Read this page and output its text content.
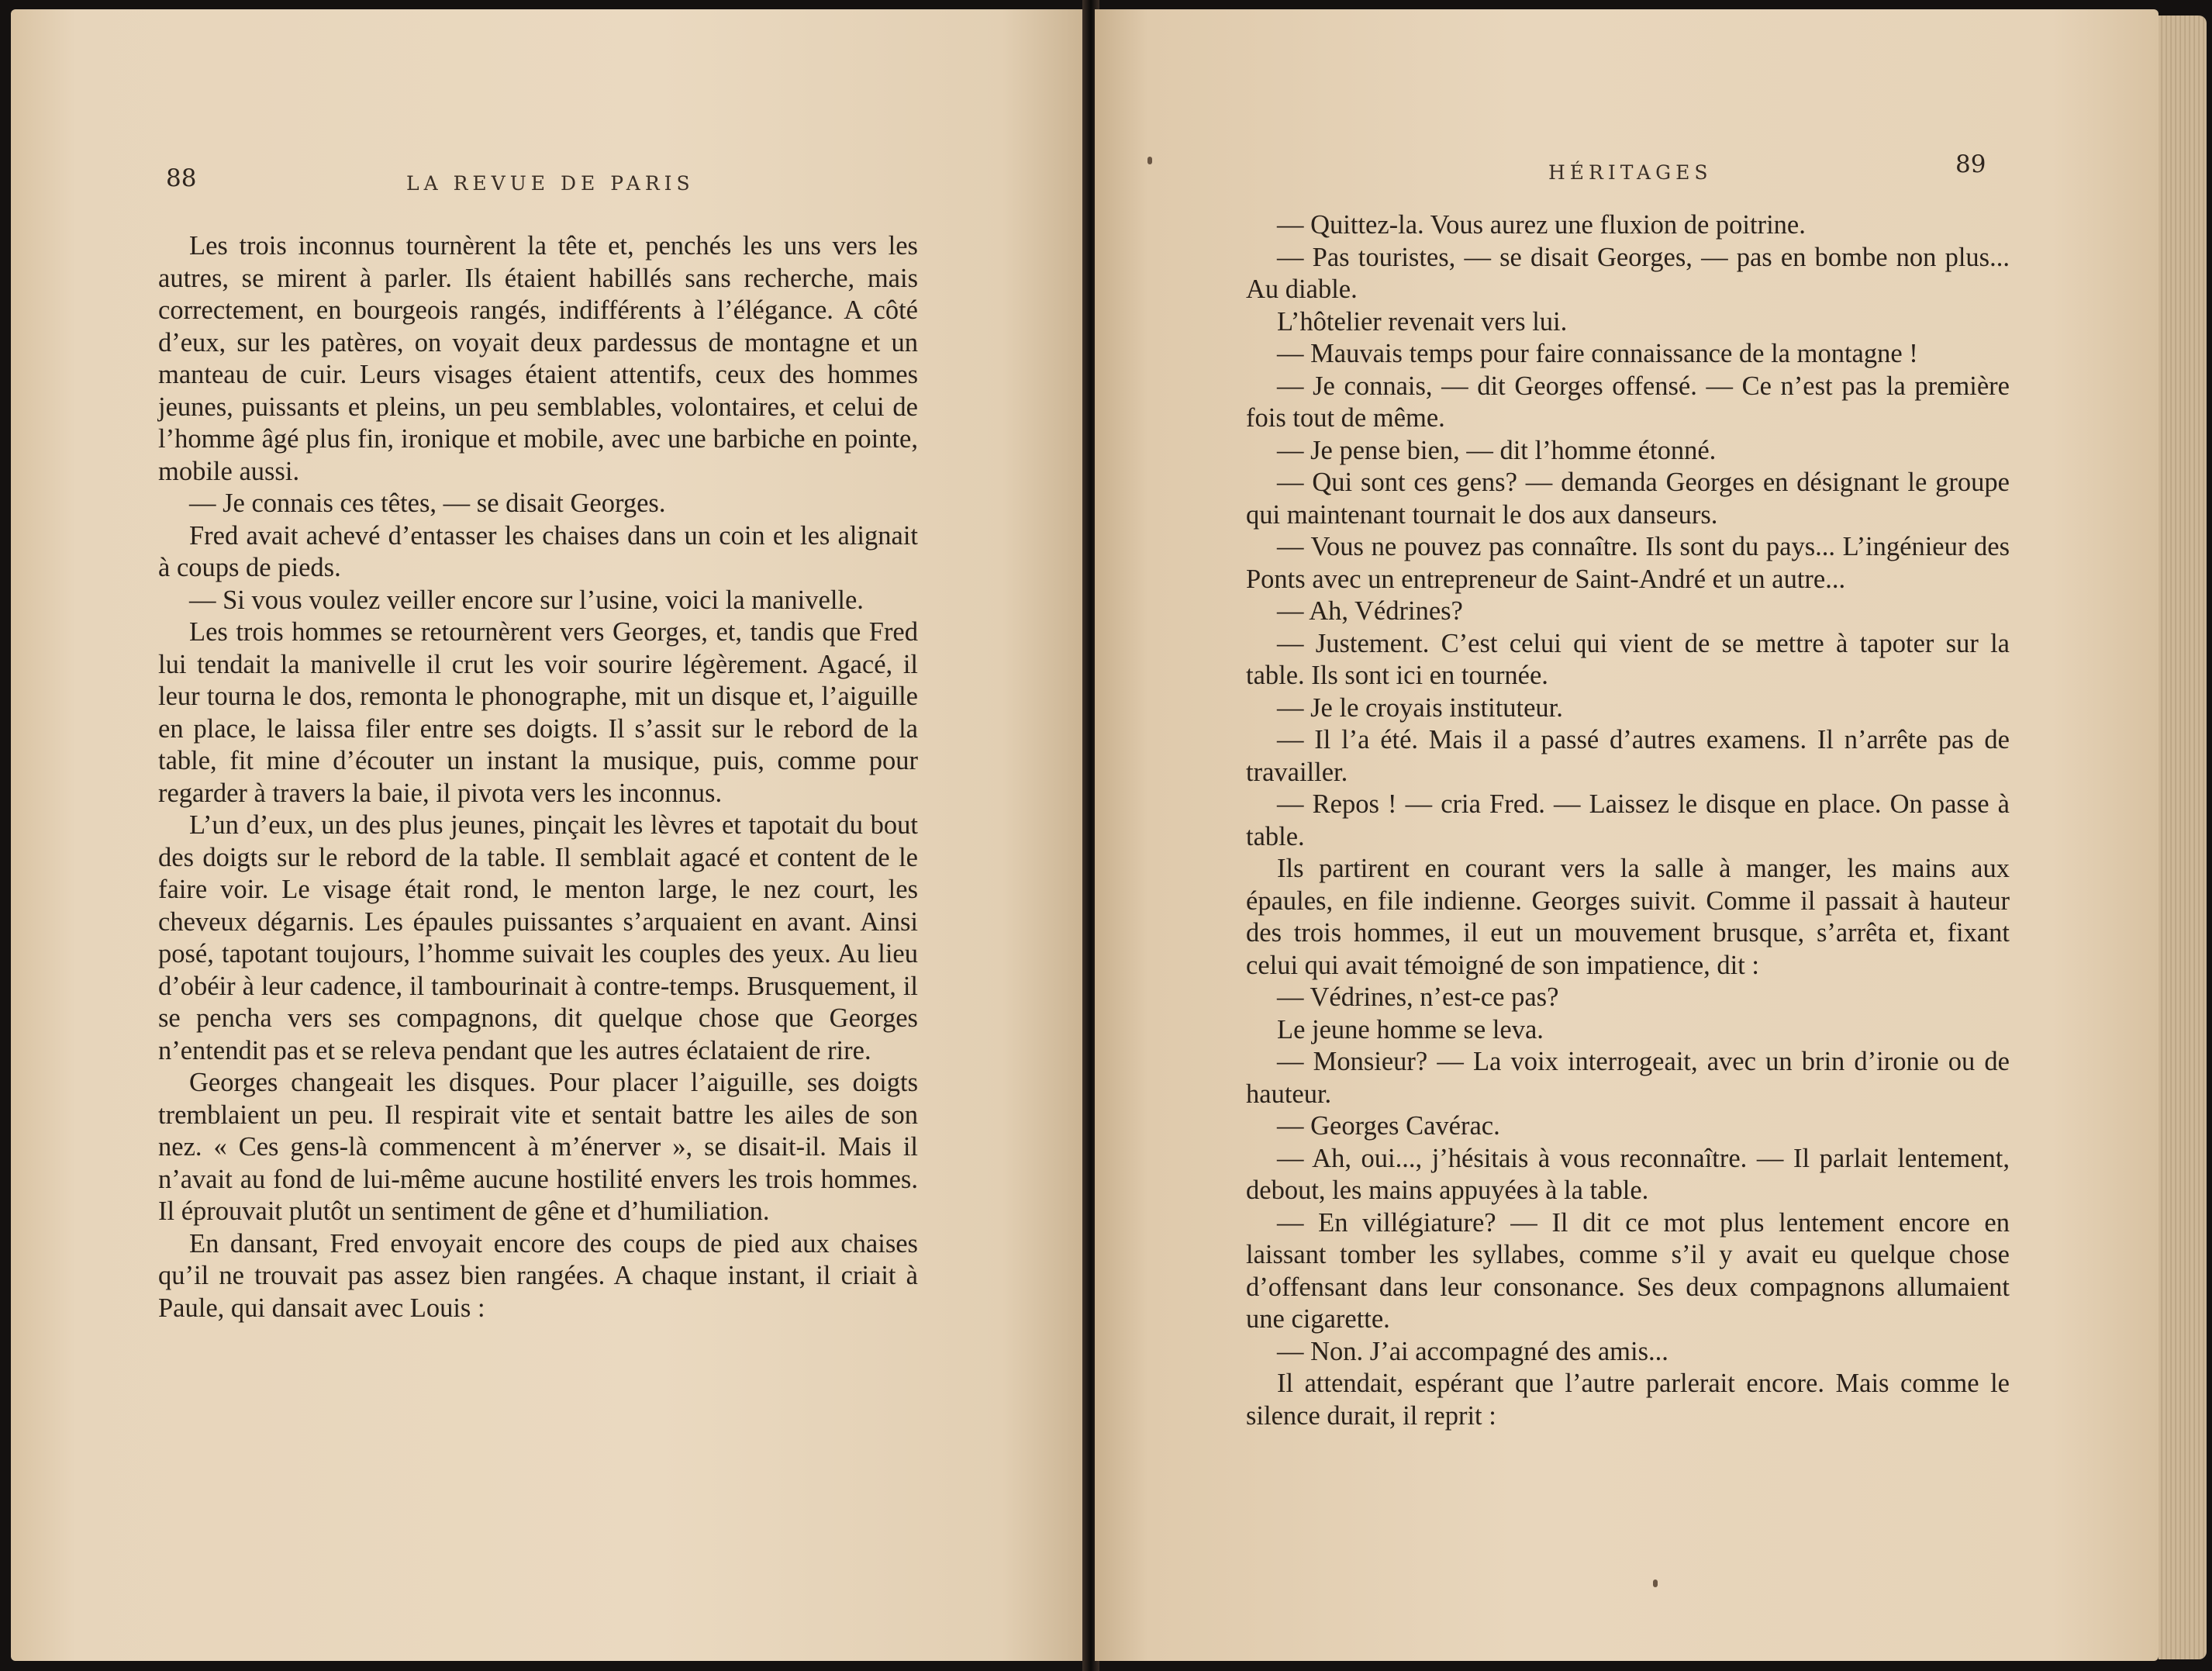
88	LA REVUE DE PARIS

Les trois inconnus tournèrent la tête et, penchés les uns vers les autres, se mirent à parler. Ils étaient habillés sans recherche, mais correctement, en bourgeois rangés, indifférents à l’élégance. A côté d’eux, sur les patères, on voyait deux pardessus de montagne et un manteau de cuir. Leurs visages étaient attentifs, ceux des hommes jeunes, puissants et pleins, un peu semblables, volontaires, et celui de l’homme âgé plus fin, ironique et mobile, avec une barbiche en pointe, mobile aussi.

— Je connais ces têtes, — se disait Georges.

Fred avait achevé d’entasser les chaises dans un coin et les alignait à coups de pieds.

— Si vous voulez veiller encore sur l’usine, voici la manivelle.

Les trois hommes se retournèrent vers Georges, et, tandis que Fred lui tendait la manivelle il crut les voir sourire légèrement. Agacé, il leur tourna le dos, remonta le phonographe, mit un disque et, l’aiguille en place, le laissa filer entre ses doigts. Il s’assit sur le rebord de la table, fit mine d’écouter un instant la musique, puis, comme pour regarder à travers la baie, il pivota vers les inconnus.

L’un d’eux, un des plus jeunes, pinçait les lèvres et tapotait du bout des doigts sur le rebord de la table. Il semblait agacé et content de le faire voir. Le visage était rond, le menton large, le nez court, les cheveux dégarnis. Les épaules puissantes s’arquaient en avant. Ainsi posé, tapotant toujours, l’homme suivait les couples des yeux. Au lieu d’obéir à leur cadence, il tambourinait à contre-temps. Brusquement, il se pencha vers ses compagnons, dit quelque chose que Georges n’entendit pas et se releva pendant que les autres éclataient de rire.

Georges changeait les disques. Pour placer l’aiguille, ses doigts tremblaient un peu. Il respirait vite et sentait battre les ailes de son nez. « Ces gens-là commencent à m’énerver », se disait-il. Mais il n’avait au fond de lui-même aucune hostilité envers les trois hommes. Il éprouvait plutôt un sentiment de gêne et d’humiliation.

En dansant, Fred envoyait encore des coups de pied aux chaises qu’il ne trouvait pas assez bien rangées. A chaque instant, il criait à Paule, qui dansait avec Louis :

HÉRITAGES	89

— Quittez-la. Vous aurez une fluxion de poitrine.

— Pas touristes, — se disait Georges, — pas en bombe non plus... Au diable.

L’hôtelier revenait vers lui.

— Mauvais temps pour faire connaissance de la montagne !

— Je connais, — dit Georges offensé. — Ce n’est pas la première fois tout de même.

— Je pense bien, — dit l’homme étonné.

— Qui sont ces gens? — demanda Georges en désignant le groupe qui maintenant tournait le dos aux danseurs.

— Vous ne pouvez pas connaître. Ils sont du pays... L’ingénieur des Ponts avec un entrepreneur de Saint-André et un autre...

— Ah, Védrines?

— Justement. C’est celui qui vient de se mettre à tapoter sur la table. Ils sont ici en tournée.

— Je le croyais instituteur.

— Il l’a été. Mais il a passé d’autres examens. Il n’arrête pas de travailler.

— Repos ! — cria Fred. — Laissez le disque en place. On passe à table.

Ils partirent en courant vers la salle à manger, les mains aux épaules, en file indienne. Georges suivit. Comme il passait à hauteur des trois hommes, il eut un mouvement brusque, s’arrêta et, fixant celui qui avait témoigné de son impatience, dit :

— Védrines, n’est-ce pas?

Le jeune homme se leva.

— Monsieur? — La voix interrogeait, avec un brin d’ironie ou de hauteur.

— Georges Cavérac.

— Ah, oui..., j’hésitais à vous reconnaître. — Il parlait lentement, debout, les mains appuyées à la table.

— En villégiature? — Il dit ce mot plus lentement encore en laissant tomber les syllabes, comme s’il y avait eu quelque chose d’offensant dans leur consonance. Ses deux compagnons allumaient une cigarette.

— Non. J’ai accompagné des amis...

Il attendait, espérant que l’autre parlerait encore. Mais comme le silence durait, il reprit :
